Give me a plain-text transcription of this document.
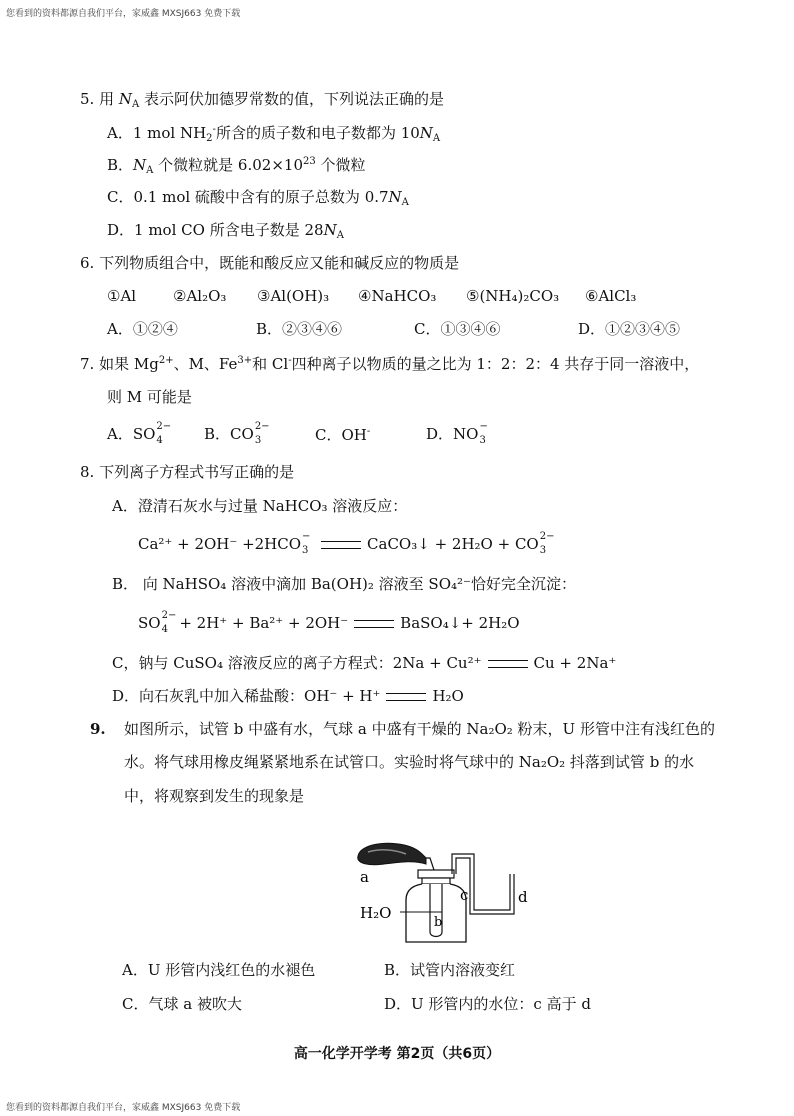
您看到的资料都源自我们平台，家威鑫 MXSJ663 免费下载
5. 用 $N_A$ 表示阿伏加德罗常数的值，下列说法正确的是
A．1 mol $NH_2^-$所含的质子数和电子数都为 $10N_A$
B．$N_A$ 个微粒就是 $6.02\times 10^{23}$ 个微粒
C．0.1 mol 硫酸中含有的原子总数为 $0.7N_A$
D．1 mol CO 所含电子数是 $28N_A$
6. 下列物质组合中，既能和酸反应又能和碱反应的物质是
①Al ②Al₂O₃ ③Al(OH)₃ ④NaHCO₃ ⑤(NH₄)₂CO₃ ⑥AlCl₃
A．①②④	B．②③④⑥	C．①③④⑥	D．①②③④⑤
7. 如果 $Mg^{2+}$、M、$Fe^{3+}$和 Cl-四种离子以物质的量之比为 1：2：2：4 共存于同一溶液中，
则 M 可能是
A．SO 2−
4	B．CO 2−
3	C．OH-	D．NO −
3
8. 下列离子方程式书写正确的是
A．澄清石灰水与过量 NaHCO₃ 溶液反应：
Ca²⁺ + 2OH⁻ +2HCO −
3	CaCO₃↓ + 2H₂O + CO 2−
3
B． 向 NaHSO₄ 溶液中滴加 Ba(OH)₂ 溶液至 SO₄²⁻恰好完全沉淀：
SO 2−
4 + 2H⁺ + Ba²⁺ + 2OH⁻	BaSO₄↓+ 2H₂O
C，钠与 CuSO₄ 溶液反应的离子方程式：2Na + Cu²⁺	Cu + 2Na⁺
D．向石灰乳中加入稀盐酸：OH⁻ + H⁺	H₂O
9. 如图所示，试管 b 中盛有水，气球 a 中盛有干燥的 Na₂O₂ 粉末，U 形管中注有浅红色的
水。将气球用橡皮绳紧紧地系在试管口。实验时将气球中的 Na₂O₂ 抖落到试管 b 的水
中，将观察到发生的现象是
a
b
c	d
H₂O
A．U 形管内浅红色的水褪色	B．试管内溶液变红
C．气球 a 被吹大	D．U 形管内的水位：c 高于 d
高一化学开学考 第2页（共6页）
您看到的资料都源自我们平台，家威鑫 MXSJ663 免费下载
